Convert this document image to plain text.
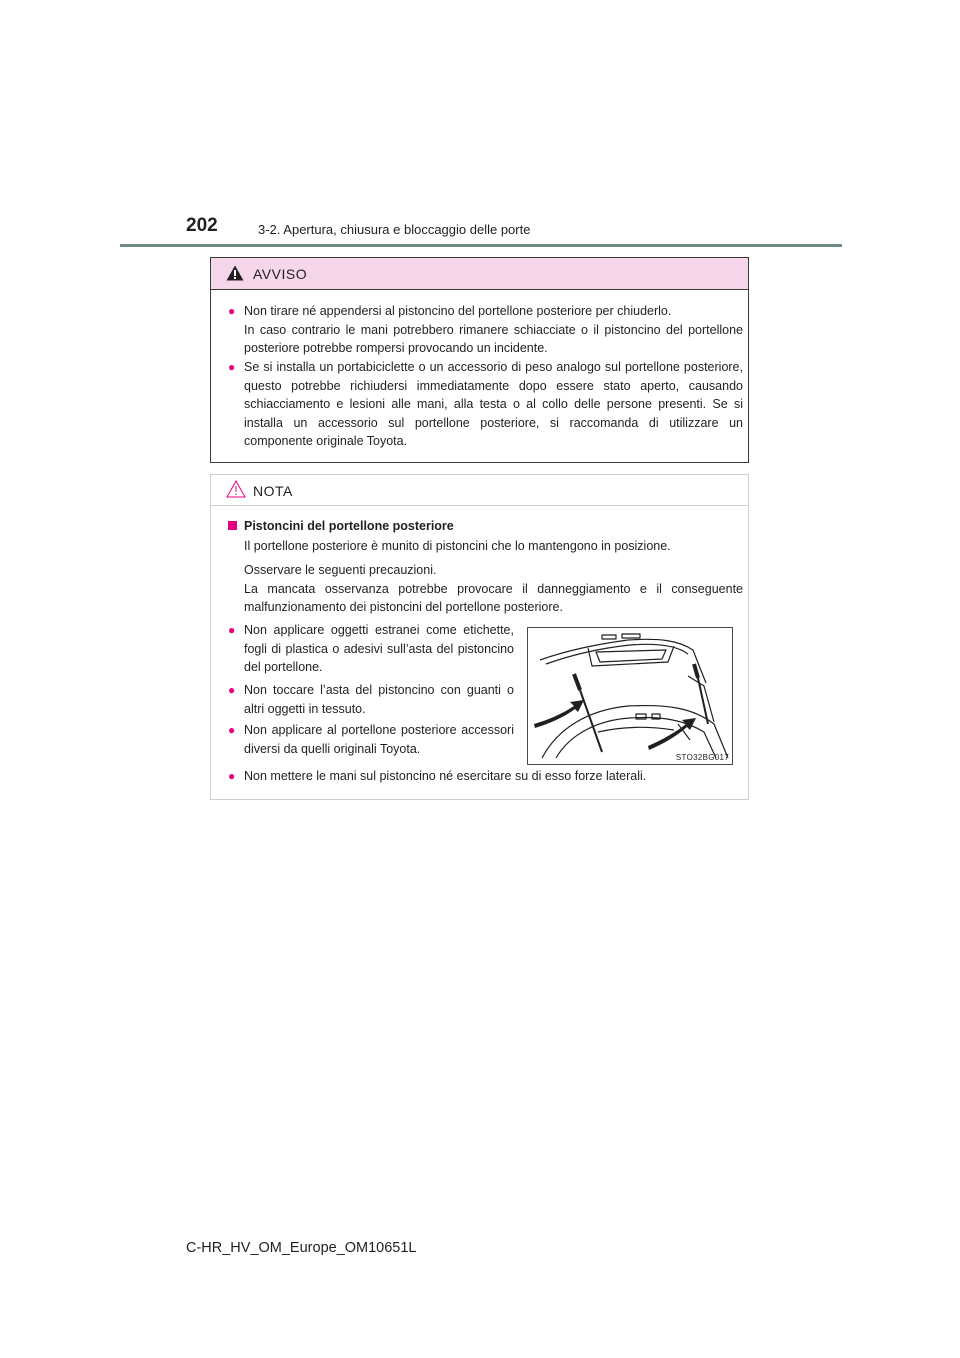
202	3-2. Apertura, chiusura e bloccaggio delle porte
AVVISO
● Non tirare né appendersi al pistoncino del portellone posteriore per chiuderlo.
In caso contrario le mani potrebbero rimanere schiacciate o il pistoncino del portellone posteriore potrebbe rompersi provocando un incidente.
● Se si installa un portabiciclette o un accessorio di peso analogo sul portellone posteriore, questo potrebbe richiudersi immediatamente dopo essere stato aperto, causando schiacciamento e lesioni alle mani, alla testa o al collo delle persone presenti. Se si installa un accessorio sul portellone posteriore, si raccomanda di utilizzare un componente originale Toyota.
NOTA
Pistoncini del portellone posteriore
Il portellone posteriore è munito di pistoncini che lo mantengono in posizione.
Osservare le seguenti precauzioni.
La mancata osservanza potrebbe provocare il danneggiamento e il conseguente malfunzionamento dei pistoncini del portellone posteriore.
● Non applicare oggetti estranei come etichette, fogli di plastica o adesivi sull’asta del pistoncino del portellone.
● Non toccare l’asta del pistoncino con guanti o altri oggetti in tessuto.
● Non applicare al portellone posteriore accessori diversi da quelli originali Toyota.
STO32BG017
● Non mettere le mani sul pistoncino né esercitare su di esso forze laterali.
C-HR_HV_OM_Europe_OM10651L
